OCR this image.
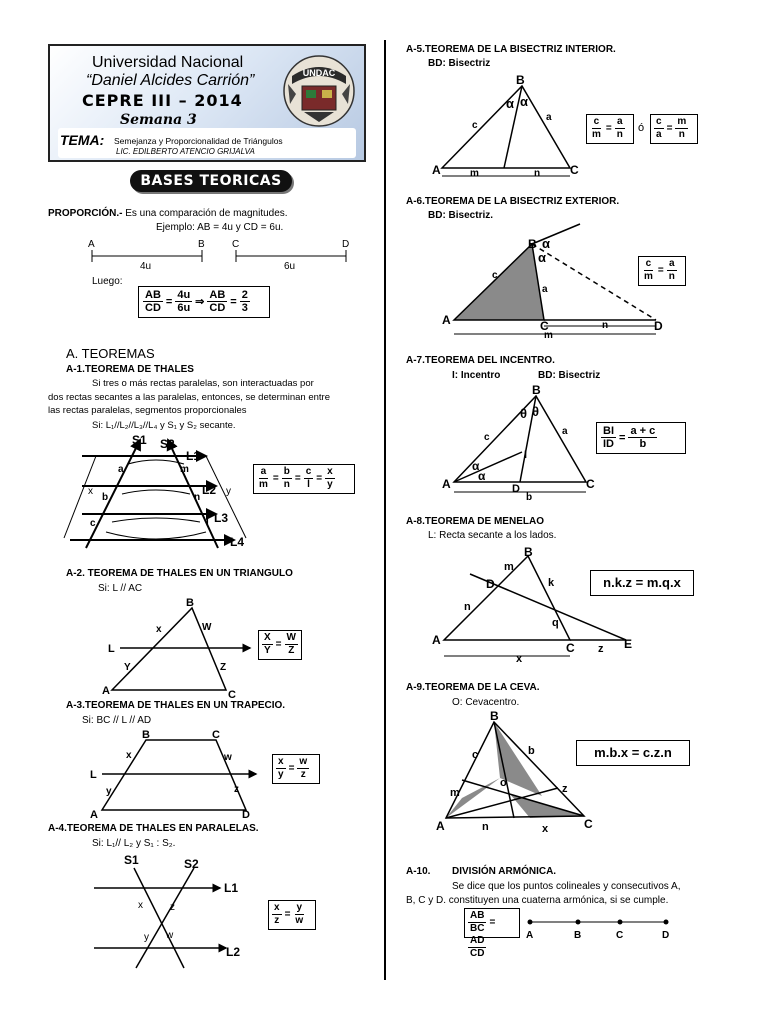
Universidad Nacional
“Daniel Alcides Carrión”
CEPRE III – 2014
Semana 3
TEMA: Semejanza y Proporcionalidad de Triángulos
LIC. EDILBERTO ATENCIO GRIJALVA
UNDAC
BASES TEORICAS
PROPORCIÓN.- Es una comparación de magnitudes.
Ejemplo: AB = 4u y CD = 6u.
A	B	C	D
4u	6u
Luego:
$\frac{AB}{CD} = \frac{4u}{6u}$ ⇒ $\frac{AB}{CD} = \frac{2}{3}$
A. TEOREMAS
A-1.TEOREMA DE THALES
Si tres o más rectas paralelas, son interactuadas por
dos rectas secantes a las paralelas, entonces, se determinan entre
las rectas paralelas, segmentos proporcionales
Si: L₁//L₂//L₃//L₄ y S₁ y S₂ secante.
S1 S2
L1
L2
L3
L4
a
b
c
m
n
l
x	y
$\frac{a}{m} = \frac{b}{n} = \frac{c}{l} = \frac{x}{y}$
A-2. TEOREMA DE THALES EN UN TRIANGULO
Si: L // AC
B
A	C
L
x	W
Y	Z
$\frac{X}{Y} = \frac{W}{Z}$
A-3.TEOREMA DE THALES EN UN TRAPECIO.
Si: BC // L // AD
B	C
A	D
L
x	w
y	z
$\frac{x}{y} = \frac{w}{z}$
A-4.TEOREMA DE THALES EN PARALELAS.
Si: L₁// L₂ y S₁ : S₂.
S1	S2
L1
L2
x	z
y w
$\frac{x}{z} = \frac{y}{w}$
A-5.TEOREMA DE LA BISECTRIZ INTERIOR.
BD: Bisectriz
B
A	C
α α
c
a
m	n
$\frac{c}{m} = \frac{a}{n}$ ó $\frac{c}{a} = \frac{m}{n}$
A-6.TEOREMA DE LA BISECTRIZ EXTERIOR.
BD: Bisectriz.
B α
α
A	C	D
c
a
n
m
$\frac{c}{m} = \frac{a}{n}$
A-7.TEOREMA DEL INCENTRO.
I: Incentro	BD: Bisectriz
B
A	C
D
I
θ θ
α
α
c
a
b
$\frac{BI}{ID} = \frac{a + c}{b}$
A-8.TEOREMA DE MENELAO
L: Recta secante a los lados.
B
D
A
C	E
m
k
n
q
z
x
n.k.z = m.q.x
A-9.TEOREMA DE LA CEVA.
O: Cevacentro.
B
A	C
o
c	b
m	z
n	x
m.b.x = c.z.n
A-10. DIVISIÓN ARMÓNICA.
Se dice que los puntos colineales y consecutivos A,
B, C y D. constituyen una cuaterna armónica, si se cumple.
$\frac{AB}{BC}$ =
$\frac{AD}{CD}$	A	B	C	D
